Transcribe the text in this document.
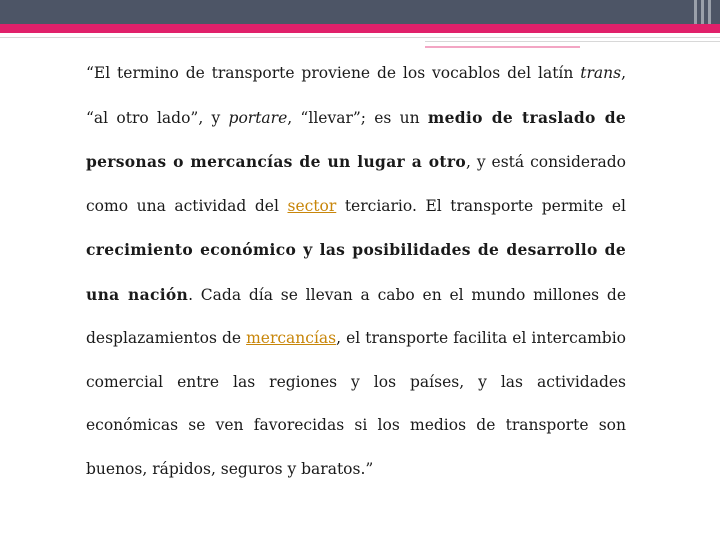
“El termino de transporte proviene de los vocablos del latín trans, “al otro lado”, y portare, “llevar”; es un medio de traslado de personas o mercancías de un lugar a otro, y está considerado como una actividad del sector terciario. El transporte permite el crecimiento económico y las posibilidades de desarrollo de una nación. Cada día se llevan a cabo en el mundo millones de desplazamientos de mercancías, el transporte facilita el intercambio comercial entre las regiones y los países, y las actividades económicas se ven favorecidas si los medios de transporte son buenos, rápidos, seguros y baratos.”
